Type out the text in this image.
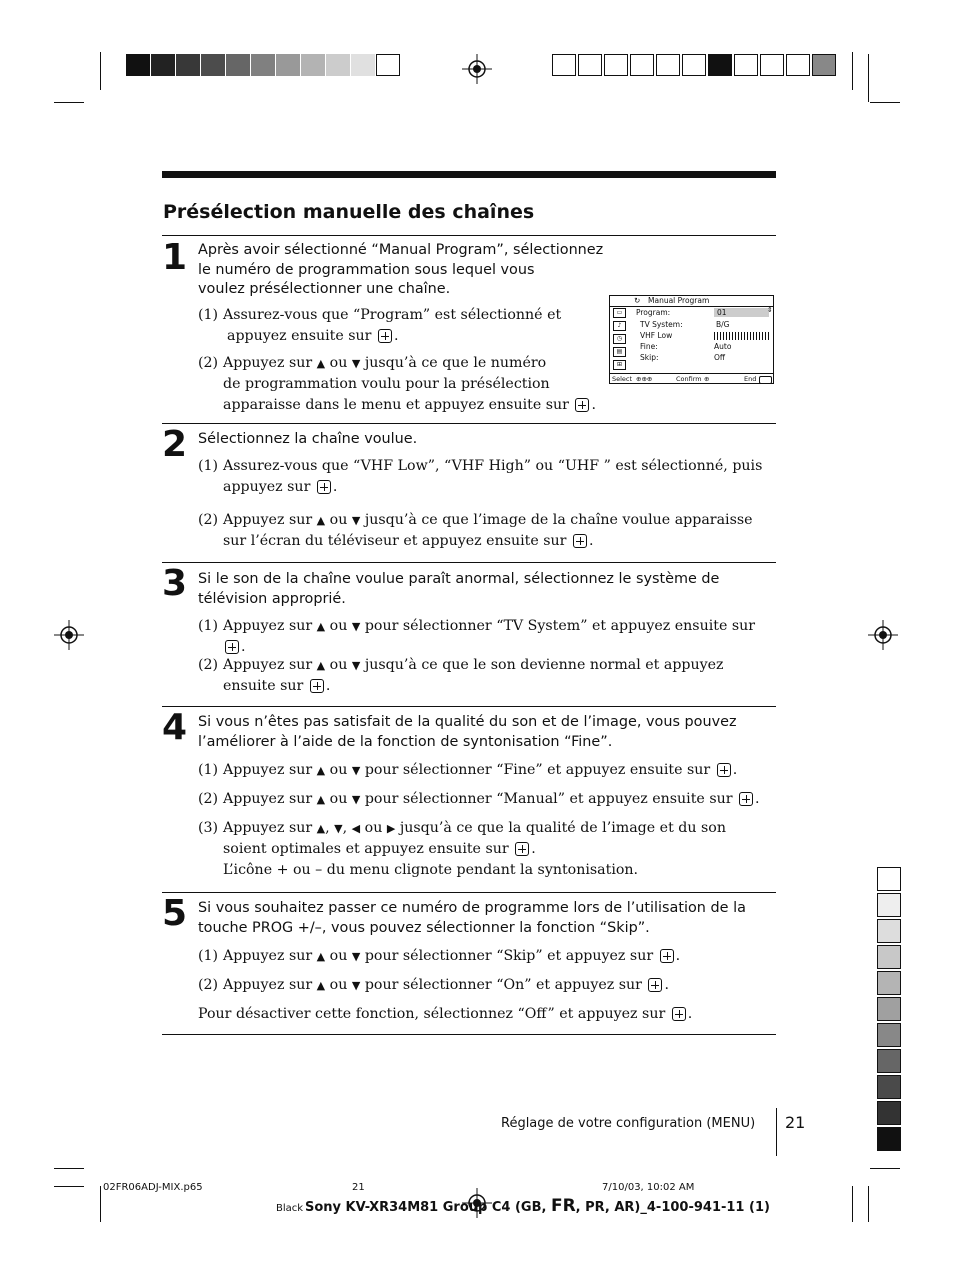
Présélection manuelle des chaînes
1 Après avoir sélectionné “Manual Program”, sélectionnez
le numéro de programmation sous lequel vous
voulez présélectionner une chaîne.
(1) Assurez-vous que “Program” est sélectionné et
appuyez ensuite sur .
(2) Appuyez sur ▲ ou ▼ jusqu’à ce que le numéro
de programmation voulu pour la présélection
apparaisse dans le menu et appuyez ensuite sur .
↻ Manual Program
▭
♪
◷
▤
⊞
Program:	01	⇕
TV System:	B/G
VHF Low
Fine:	Auto
Skip:	Off
Select ⊕⊕⊕	Confirm ⊕	End
2 Sélectionnez la chaîne voulue.
(1) Assurez-vous que “VHF Low”, “VHF High” ou “UHF ” est sélectionné, puis
appuyez sur .
(2) Appuyez sur ▲ ou ▼ jusqu’à ce que l’image de la chaîne voulue apparaisse
sur l’écran du téléviseur et appuyez ensuite sur .
3 Si le son de la chaîne voulue paraît anormal, sélectionnez le système de
télévision approprié.
(1) Appuyez sur ▲ ou ▼ pour sélectionner “TV System” et appuyez ensuite sur .
(2) Appuyez sur ▲ ou ▼ jusqu’à ce que le son devienne normal et appuyez
ensuite sur .
4 Si vous n’êtes pas satisfait de la qualité du son et de l’image, vous pouvez
l’améliorer à l’aide de la fonction de syntonisation “Fine”.
(1) Appuyez sur ▲ ou ▼ pour sélectionner “Fine” et appuyez ensuite sur .
(2) Appuyez sur ▲ ou ▼ pour sélectionner “Manual” et appuyez ensuite sur .
(3) Appuyez sur ▲, ▼, ◀ ou ▶ jusqu’à ce que la qualité de l’image et du son
soient optimales et appuyez ensuite sur .
L’icône + ou – du menu clignote pendant la syntonisation.
5 Si vous souhaitez passer ce numéro de programme lors de l’utilisation de la
touche PROG +/–, vous pouvez sélectionner la fonction “Skip”.
(1) Appuyez sur ▲ ou ▼ pour sélectionner “Skip” et appuyez sur .
(2) Appuyez sur ▲ ou ▼ pour sélectionner “On” et appuyez sur .
Pour désactiver cette fonction, sélectionnez “Off” et appuyez sur .
Réglage de votre configuration (MENU) 21
02FR06ADJ-MIX.p65	21	7/10/03, 10:02 AM
Black Sony KV-XR34M81 Group C4 (GB, FR, PR, AR)_4-100-941-11 (1)
